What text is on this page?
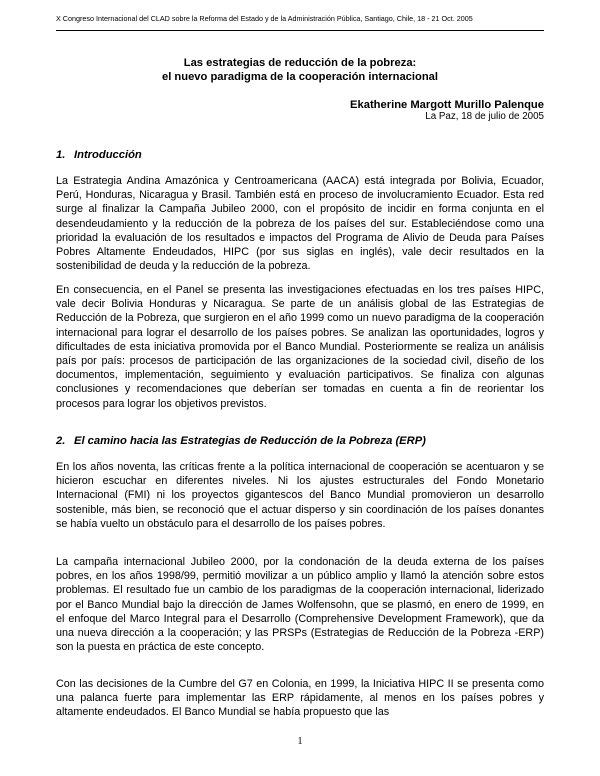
X Congreso Internacional del CLAD sobre la Reforma del Estado y de la Administración Pública, Santiago, Chile, 18 - 21 Oct. 2005
Las estrategias de reducción de la pobreza:
el nuevo paradigma de la cooperación internacional
Ekatherine Margott Murillo Palenque
La Paz, 18 de julio de 2005
1. Introducción

La Estrategia Andina Amazónica y Centroamericana (AACA) está integrada por Bolivia, Ecuador, Perú, Honduras, Nicaragua y Brasil. También está en proceso de involucramiento Ecuador. Esta red surge al finalizar la Campaña Jubileo 2000, con el propósito de incidir en forma conjunta en el desendeudamiento y la reducción de la pobreza de los países del sur. Estableciéndose como una prioridad la evaluación de los resultados e impactos del Programa de Alivio de Deuda para Países Pobres Altamente Endeudados, HIPC (por sus siglas en inglés), vale decir resultados en la sostenibilidad de deuda y la reducción de la pobreza.

En consecuencia, en el Panel se presenta las investigaciones efectuadas en los tres países HIPC, vale decir Bolivia Honduras y Nicaragua. Se parte de un análisis global de las Estrategias de Reducción de la Pobreza, que surgieron en el año 1999 como un nuevo paradigma de la cooperación internacional para lograr el desarrollo de los países pobres. Se analizan las oportunidades, logros y dificultades de esta iniciativa promovida por el Banco Mundial. Posteriormente se realiza un análisis país por país: procesos de participación de las organizaciones de la sociedad civil, diseño de los documentos, implementación, seguimiento y evaluación participativos. Se finaliza con algunas conclusiones y recomendaciones que deberían ser tomadas en cuenta a fin de reorientar los procesos para lograr los objetivos previstos.

2. El camino hacia las Estrategias de Reducción de la Pobreza (ERP)

En los años noventa, las críticas frente a la política internacional de cooperación se acentuaron y se hicieron escuchar en diferentes niveles. Ni los ajustes estructurales del Fondo Monetario Internacional (FMI) ni los proyectos gigantescos del Banco Mundial promovieron un desarrollo sostenible, más bien, se reconoció que el actuar disperso y sin coordinación de los países donantes se había vuelto un obstáculo para el desarrollo de los países pobres.

La campaña internacional Jubileo 2000, por la condonación de la deuda externa de los países pobres, en los años 1998/99, permitió movilizar a un público amplio y llamó la atención sobre estos problemas. El resultado fue un cambio de los paradigmas de la cooperación internacional, liderizado por el Banco Mundial bajo la dirección de James Wolfensohn, que se plasmó, en enero de 1999, en el enfoque del Marco Integral para el Desarrollo (Comprehensive Development Framework), que da una nueva dirección a la cooperación; y las PRSPs (Estrategias de Reducción de la Pobreza -ERP) son la puesta en práctica de este concepto.

Con las decisiones de la Cumbre del G7 en Colonia, en 1999, la Iniciativa HIPC II se presenta como una palanca fuerte para implementar las ERP rápidamente, al menos en los países pobres y altamente endeudados. El Banco Mundial se había propuesto que las

1
